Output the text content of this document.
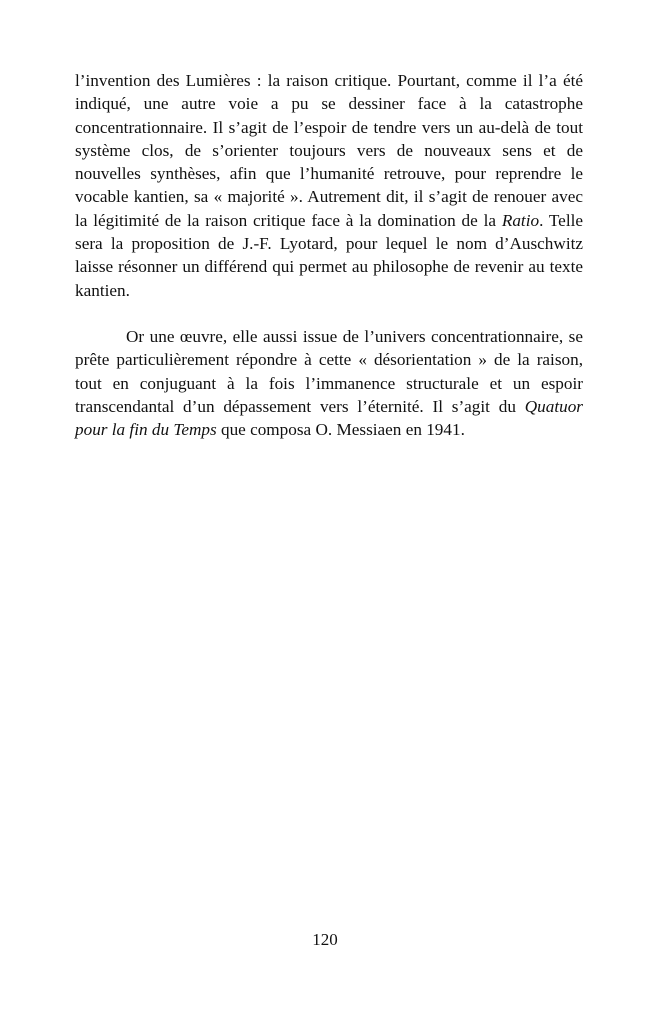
l’invention des Lumières : la raison critique. Pourtant, comme il l’a été indiqué, une autre voie a pu se dessiner face à la catastrophe concentrationnaire. Il s’agit de l’espoir de tendre vers un au-delà de tout système clos, de s’orienter toujours vers de nouveaux sens et de nouvelles synthèses, afin que l’humanité retrouve, pour reprendre le vocable kantien, sa « majorité ». Autrement dit, il s’agit de renouer avec la légitimité de la raison critique face à la domination de la Ratio. Telle sera la proposition de J.-F. Lyotard, pour lequel le nom d’Auschwitz laisse résonner un différend qui permet au philosophe de revenir au texte kantien.

Or une œuvre, elle aussi issue de l’univers concentrationnaire, se prête particulièrement répondre à cette « désorientation » de la raison, tout en conjuguant à la fois l’immanence structurale et un espoir transcendantal d’un dépassement vers l’éternité. Il s’agit du Quatuor pour la fin du Temps que composa O. Messiaen en 1941.

120
